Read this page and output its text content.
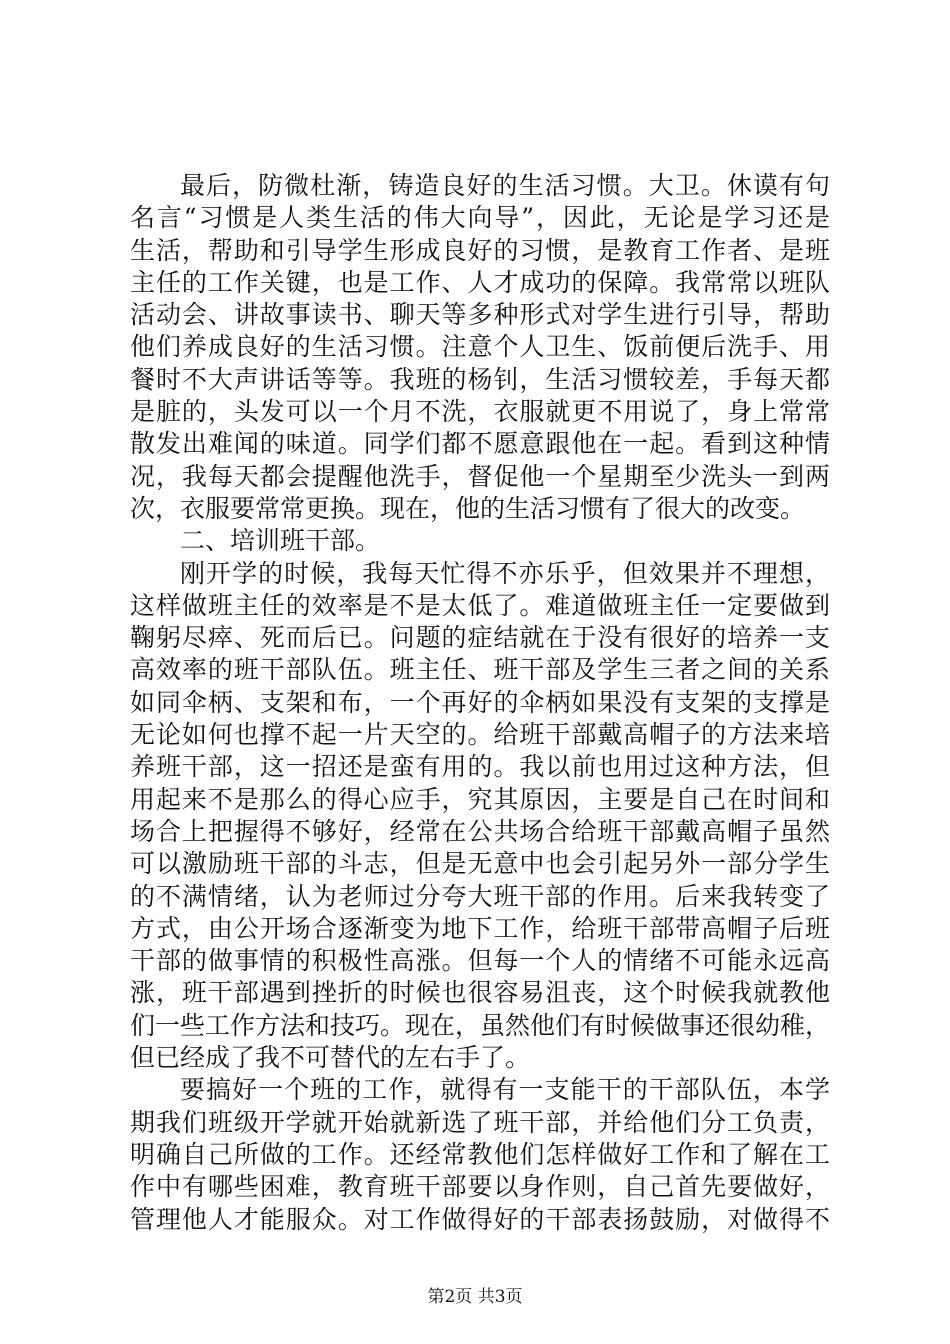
最后，防微杜渐，铸造良好的生活习惯。大卫。休谟有句
名言“习惯是人类生活的伟大向导”，因此，无论是学习还是
生活，帮助和引导学生形成良好的习惯，是教育工作者、是班
主任的工作关键，也是工作、人才成功的保障。我常常以班队
活动会、讲故事读书、聊天等多种形式对学生进行引导，帮助
他们养成良好的生活习惯。注意个人卫生、饭前便后洗手、用
餐时不大声讲话等等。我班的杨钊，生活习惯较差，手每天都
是脏的，头发可以一个月不洗，衣服就更不用说了，身上常常
散发出难闻的味道。同学们都不愿意跟他在一起。看到这种情
况，我每天都会提醒他洗手，督促他一个星期至少洗头一到两
次，衣服要常常更换。现在，他的生活习惯有了很大的改变。
二、培训班干部。
刚开学的时候，我每天忙得不亦乐乎，但效果并不理想，
这样做班主任的效率是不是太低了。难道做班主任一定要做到
鞠躬尽瘁、死而后已。问题的症结就在于没有很好的培养一支
高效率的班干部队伍。班主任、班干部及学生三者之间的关系
如同伞柄、支架和布，一个再好的伞柄如果没有支架的支撑是
无论如何也撑不起一片天空的。给班干部戴高帽子的方法来培
养班干部，这一招还是蛮有用的。我以前也用过这种方法，但
用起来不是那么的得心应手，究其原因，主要是自己在时间和
场合上把握得不够好，经常在公共场合给班干部戴高帽子虽然
可以激励班干部的斗志，但是无意中也会引起另外一部分学生
的不满情绪，认为老师过分夸大班干部的作用。后来我转变了
方式，由公开场合逐渐变为地下工作，给班干部带高帽子后班
干部的做事情的积极性高涨。但每一个人的情绪不可能永远高
涨，班干部遇到挫折的时候也很容易沮丧，这个时候我就教他
们一些工作方法和技巧。现在，虽然他们有时候做事还很幼稚，
但已经成了我不可替代的左右手了。
要搞好一个班的工作，就得有一支能干的干部队伍，本学
期我们班级开学就开始就新选了班干部，并给他们分工负责，
明确自己所做的工作。还经常教他们怎样做好工作和了解在工
作中有哪些困难，教育班干部要以身作则，自己首先要做好，
管理他人才能服众。对工作做得好的干部表扬鼓励，对做得不
第2页 共3页
